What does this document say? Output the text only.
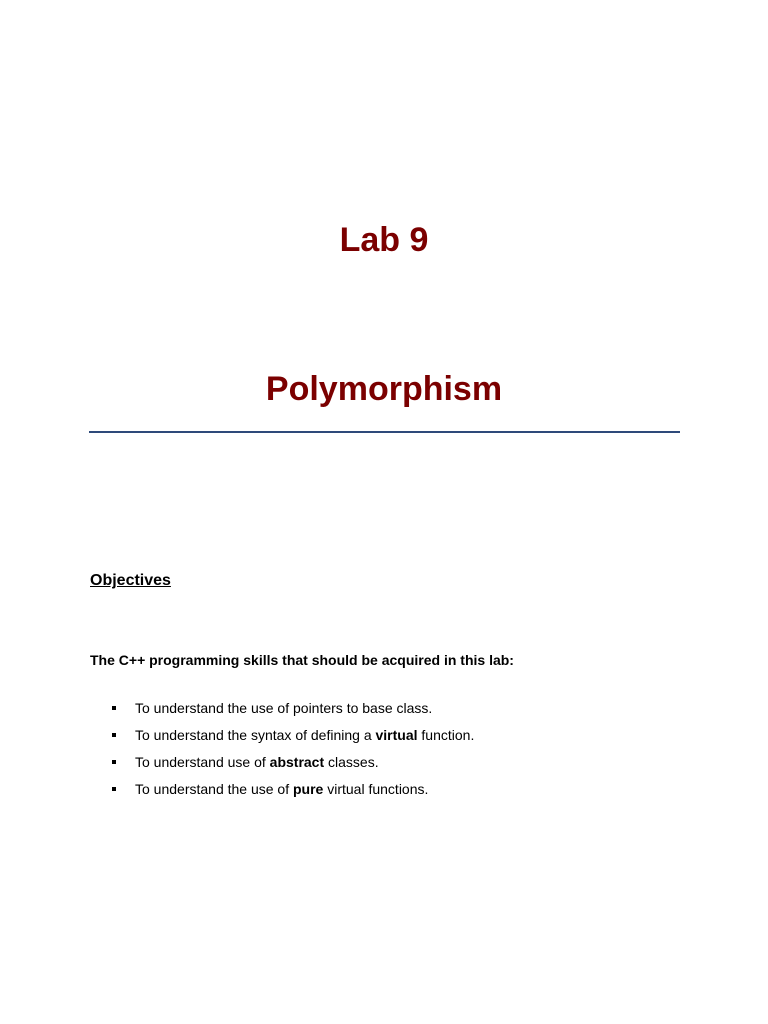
Lab 9
Polymorphism
Objectives
The C++ programming skills that should be acquired in this lab:
To understand the use of pointers to base class.
To understand the syntax of defining a virtual function.
To understand use of abstract classes.
To understand the use of pure virtual functions.
